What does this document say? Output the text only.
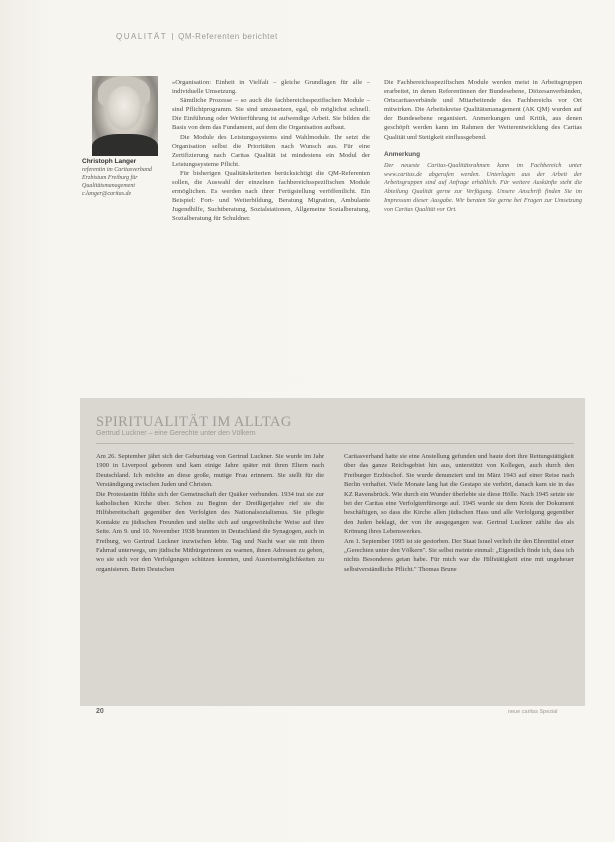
QUALITÄT QM-Referenten berichtet
Christoph Langer
referentin im Caritasverband
Erzbistum Freiburg für Qualitätsmanagement
c.langer@caritas.de

»Organisation: Einheit in Vielfalt – gleiche Grundlagen für alle – individuelle Umsetzung.

Sämtliche Prozesse – so auch die fachbereichsspezifischen Module – sind Pflichtprogramm. Sie sind umzusetzen, egal, ob möglichst schnell. Die Einführung oder Weiterführung ist aufwendige Arbeit. Sie bilden die Basis von dem das Fundament, auf dem die Organisation aufbaut.

Die Module des Leistungssystems sind Wahlmodule. Ihr setzt die Organisation selbst die Prioritäten nach Wunsch aus. Für eine Zertifizierung nach Caritas Qualität ist mindestens ein Modul der Leistungssysteme Pflicht.

Für bisherigen Qualitätskriterien berücksichtigt die QM-Referenten sollen, die Auswahl der einzelnen fachbereichsspezifischen Module ermöglichen. Es werden nach ihrer Fertigstellung veröffentlicht. Ein Beispiel: Fort- und Weiterbildung, Beratung Migration, Ambulante Jugendhilfe, Suchtberatung, Sozialstationen, Allgemeine Sozialberatung, Sozialberatung für Schuldner.

Die Fachbereichsspezifischen Module werden meist in Arbeitsgruppen erarbeitet, in denen Referentinnen der Bundesebene, Diözesanverbänden, Ortscaritasverbände und Mitarbeitende des Fachbereichs vor Ort mitwirken. Die Arbeitskreise Qualitätsmanagement (AK QM) wurden auf der Bundesebene organisiert. Anmerkungen und Kritik, aus denen geschöpft werden kann im Rahmen der Weiterentwicklung des Caritas Qualität und Stetigkeit einflussgebend.

Anmerkung
Der neueste Caritas-Qualitätsrahmen kann im Fachbereich unter www.caritas.de abgerufen werden. Unterlagen aus der Arbeit der Arbeitsgruppen sind auf Anfrage erhältlich. Für weitere Auskünfte steht die Abteilung Qualität gerne zur Verfügung. Unsere Anschrift finden Sie im Impressum dieser Ausgabe. Wir beraten Sie gerne bei Fragen zur Umsetzung von Caritas Qualität vor Ort.
SPIRITUALITÄT IM ALLTAG
Gertrud Luckner – eine Gerechte unter den Völkern

Am 26. September jährt sich der Geburtstag von Gertrud Luckner. Sie wurde im Jahr 1900 in Liverpool geboren und kam einige Jahre später mit ihren Eltern nach Deutschland. Ich möchte an diese große, mutige Frau erinnern. Sie stellt für die Verständigung zwischen Juden und Christen.

Die Protestantin fühlte sich der Gemeinschaft der Quäker verbunden. 1934 trat sie zur katholischen Kirche über. Schon zu Beginn der Dreißigerjahre rief sie die Hilfsbereitschaft gegenüber den Verfolgten des Nationalsozialismus. Sie pflegte Kontakte zu jüdischen Freunden und stellte sich auf ungewöhnliche Weise auf ihre Seite. Am 9. und 10. November 1938 brannten in Deutschland die Synagogen, auch in Freiburg, wo Gertrud Luckner inzwischen lebte. Tag und Nacht war sie mit ihren Fahrrad unterwegs, um jüdische Mitbürgerinnen zu warnen, ihnen Adressen zu geben, wo sie sich vor den Verfolgungen schützen konnten, und Ausreisemöglichkeiten zu organisieren. Beim Deutschen

Caritasverband hatte sie eine Anstellung gefunden und baute dort ihre Rettungstätigkeit über das ganze Reichsgebiet hin aus, unterstützt von Kollegen, auch durch den Freiburger Erzbischof. Sie wurde denunziert und im März 1943 auf einer Reise nach Berlin verhaftet. Viele Monate lang hat die Gestapo sie verhört, danach kam sie in das KZ Ravensbrück. Wie durch ein Wunder überlebte sie diese Hölle. Nach 1945 setzte sie bei der Caritas eine Verfolgtenfürsorge auf. 1945 wurde sie dem Kreis der Dokument beschäftigen, so dass die Kirche allen jüdischen Hass und alle Verfolgung gegenüber den Juden beklagt, der von ihr ausgegangen war. Gertrud Luckner zählte das als Krönung ihres Lebenswerkes.

Am 1. September 1995 ist sie gestorben. Der Staat Israel verlieh ihr den Ehrentitel einer „Gerechten unter den Völkern". Sie selbst meinte einmal: „Eigentlich finde ich, dass ich nichts Besonderes getan habe. Für mich war die Hilfstätigkeit eine mit ungeheuer selbstverständliche Pflicht." Thomas Brune

20	neue caritas Spezial
